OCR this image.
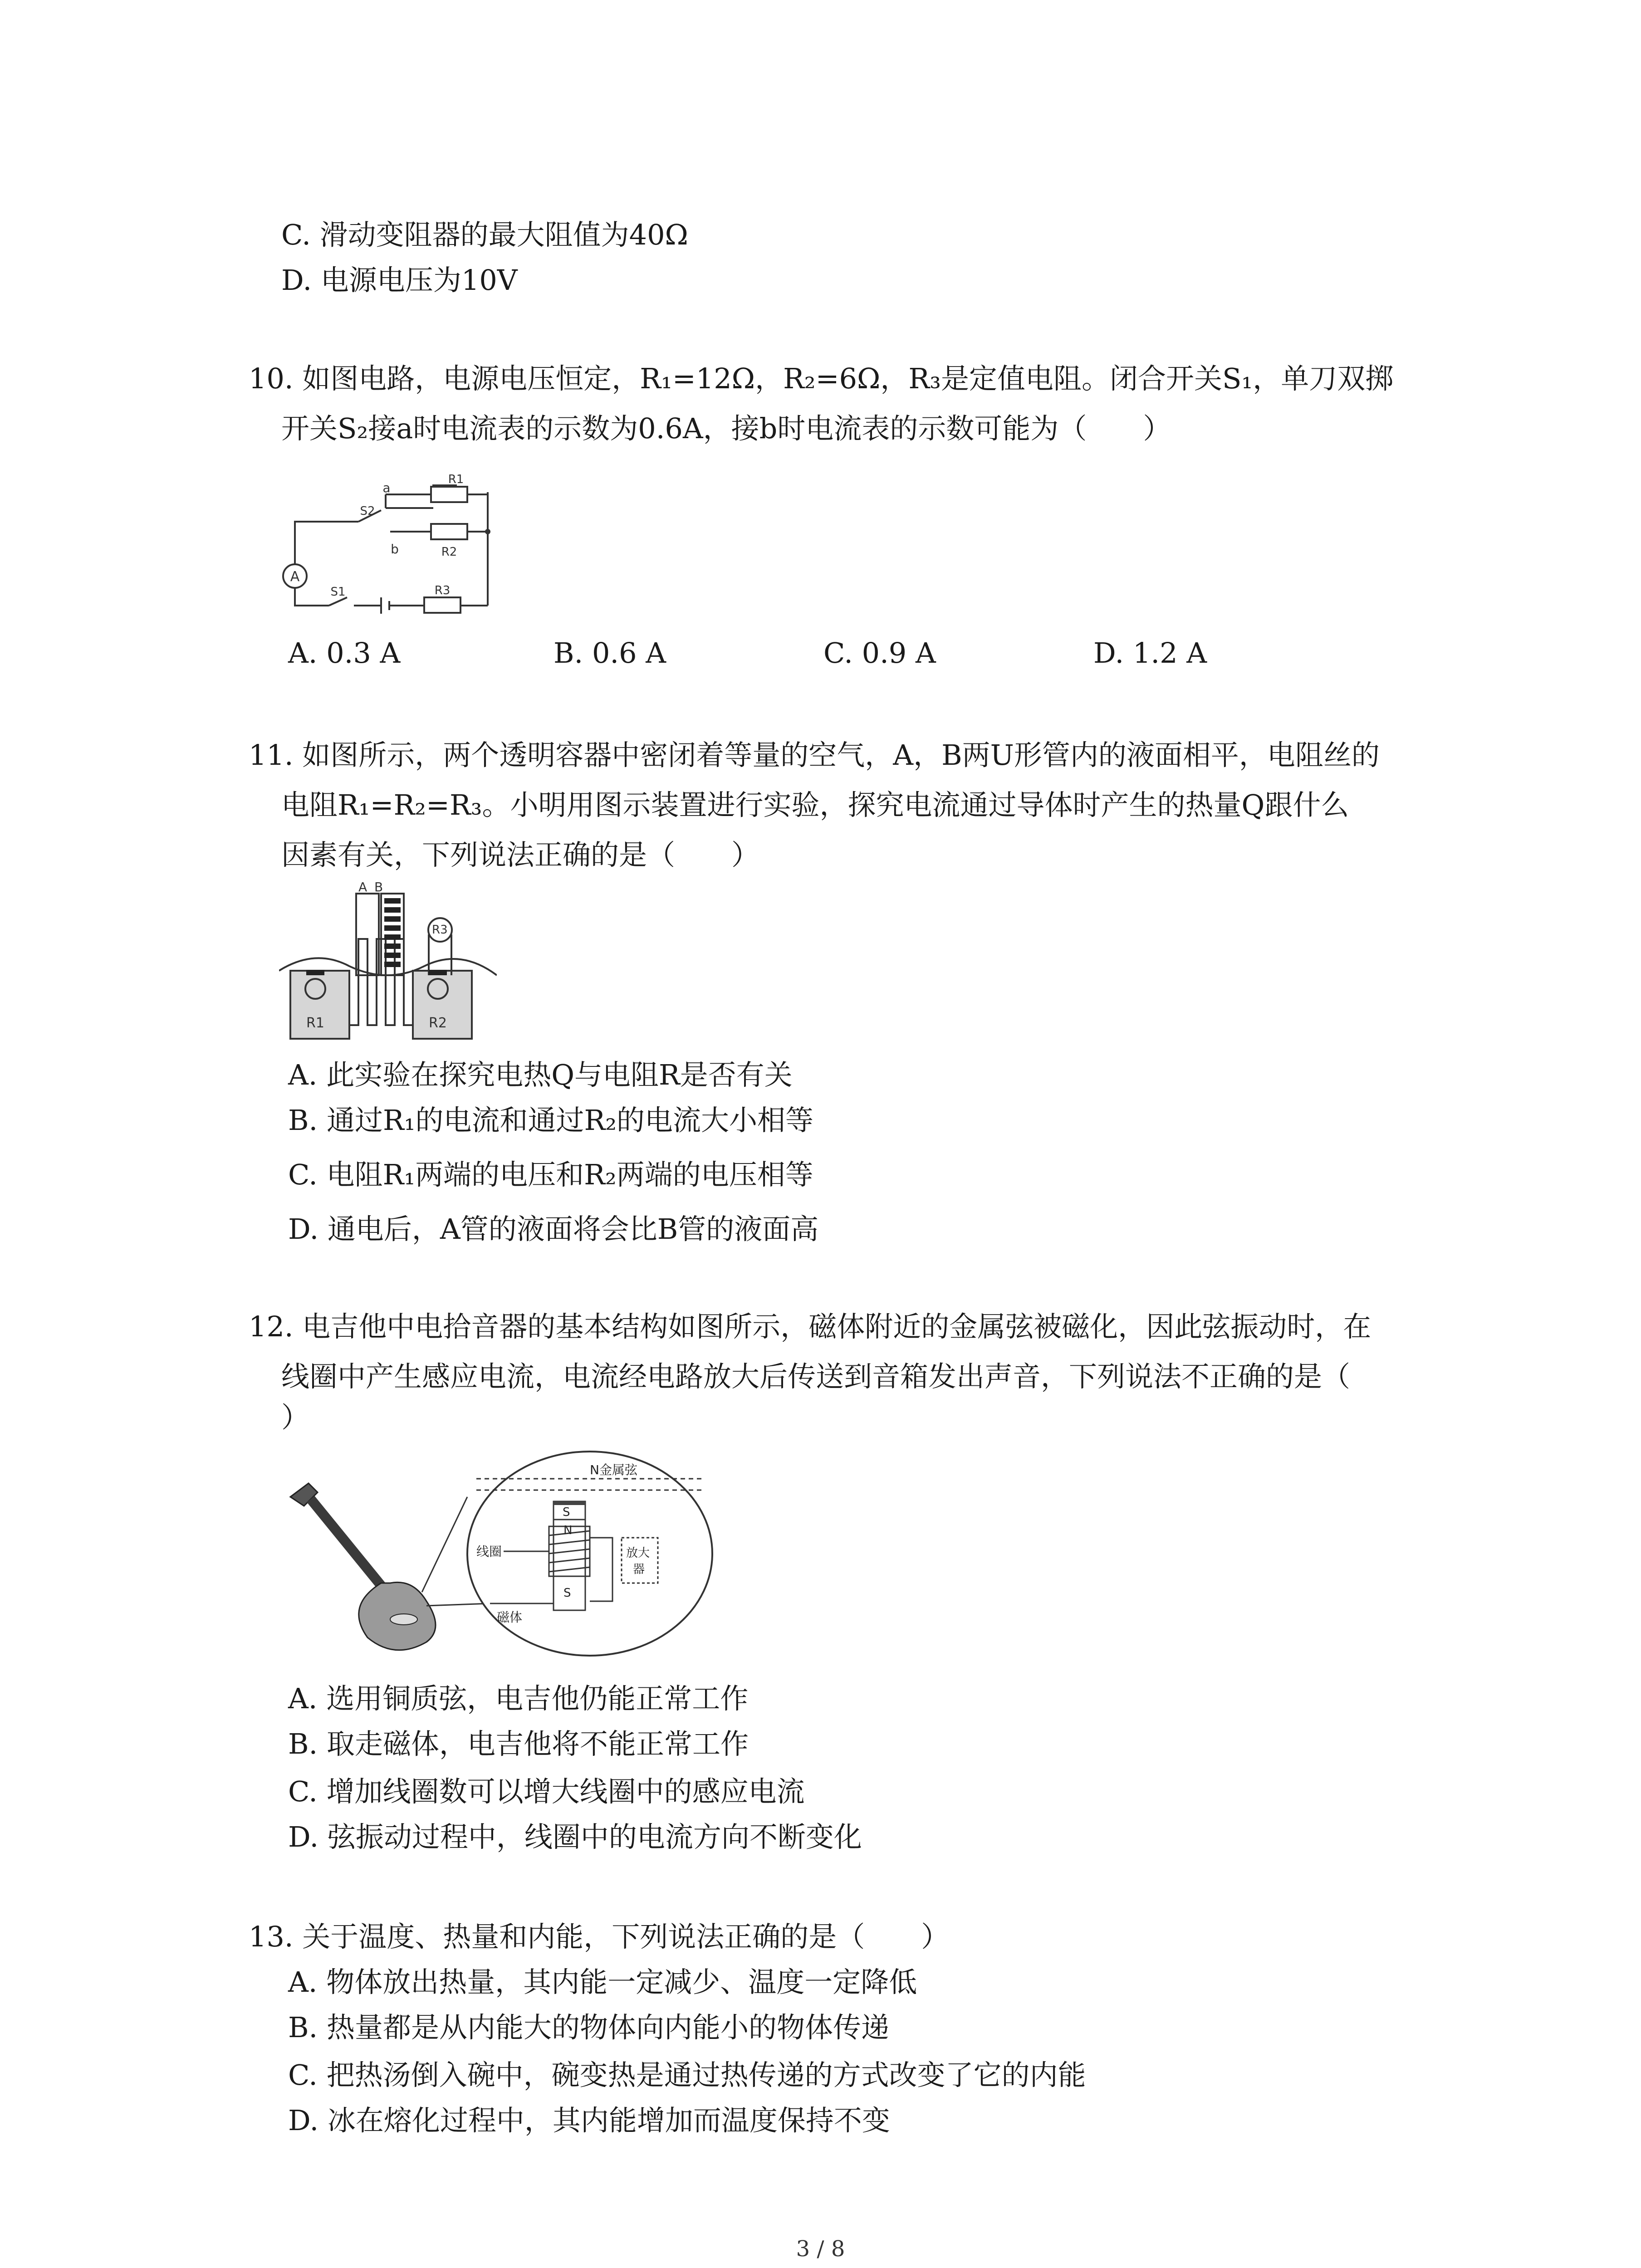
C. 滑动变阻器的最大阻值为40Ω
D. 电源电压为10V
10. 如图电路，电源电压恒定，R₁=12Ω，R₂=6Ω，R₃是定值电阻。闭合开关S₁，单刀双掷
开关S₂接a时电流表的示数为0.6A，接b时电流表的示数可能为（　　）
A
R1
R2
R3
a
b
S2
S1
A. 0.3 A	B. 0.6 A	C. 0.9 A	D. 1.2 A
11. 如图所示，两个透明容器中密闭着等量的空气，A，B两U形管内的液面相平，电阻丝的
电阻R₁=R₂=R₃。小明用图示装置进行实验，探究电流通过导体时产生的热量Q跟什么
因素有关，下列说法正确的是（　　）
A B
R1	R2
R3
A. 此实验在探究电热Q与电阻R是否有关
B. 通过R₁的电流和通过R₂的电流大小相等
C. 电阻R₁两端的电压和R₂两端的电压相等
D. 通电后，A管的液面将会比B管的液面高
12. 电吉他中电拾音器的基本结构如图所示，磁体附近的金属弦被磁化，因此弦振动时，在
线圈中产生感应电流，电流经电路放大后传送到音箱发出声音，下列说法不正确的是（
）
N金属弦
S
N
S
线圈
磁体
放大
器
A. 选用铜质弦，电吉他仍能正常工作
B. 取走磁体，电吉他将不能正常工作
C. 增加线圈数可以增大线圈中的感应电流
D. 弦振动过程中，线圈中的电流方向不断变化
13. 关于温度、热量和内能，下列说法正确的是（　　）
A. 物体放出热量，其内能一定减少、温度一定降低
B. 热量都是从内能大的物体向内能小的物体传递
C. 把热汤倒入碗中，碗变热是通过热传递的方式改变了它的内能
D. 冰在熔化过程中，其内能增加而温度保持不变
3 / 8
